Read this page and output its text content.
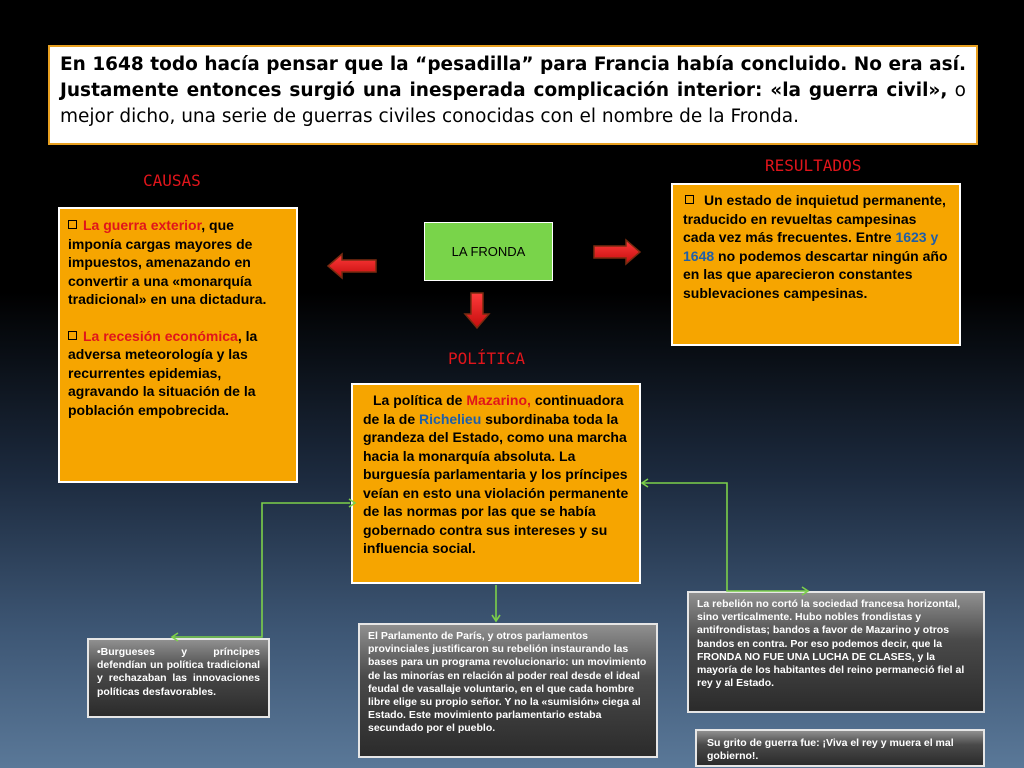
En 1648 todo hacía pensar que la “pesadilla” para Francia había concluido. No era así. Justamente entonces surgió una inesperada complicación interior: «la guerra civil», o mejor dicho, una serie de guerras civiles conocidas con el nombre de la Fronda.
CAUSAS
RESULTADOS
POLÍTICA
La guerra exterior, que imponía cargas mayores de impuestos, amenazando en convertir a una «monarquía tradicional» en una dictadura.
La recesión económica, la adversa meteorología y las recurrentes epidemias, agravando la situación de la población empobrecida.
LA FRONDA
Un estado de inquietud permanente, traducido en revueltas campesinas cada vez más frecuentes. Entre 1623 y 1648 no podemos descartar ningún año en las que aparecieron constantes sublevaciones campesinas.
La política de Mazarino, continuadora de la de Richelieu subordinaba toda la grandeza del Estado, como una marcha hacia la monarquía absoluta. La burguesía parlamentaria y los príncipes veían en esto una violación permanente de las normas por las que se había gobernado contra sus intereses y su influencia social.
•Burgueses y príncipes defendían un política tradicional y rechazaban las innovaciones políticas desfavorables.
El Parlamento de París, y otros parlamentos provinciales justificaron su rebelión instaurando las bases para un programa revolucionario: un movimiento de las minorías en relación al poder real desde el ideal feudal de vasallaje voluntario, en el que cada hombre libre elige su propio señor. Y no la «sumisión» ciega al Estado. Este movimiento parlamentario estaba secundado por el pueblo.
La rebelión no cortó la sociedad francesa horizontal, sino verticalmente. Hubo nobles frondistas y antifrondistas; bandos a favor de Mazarino y otros bandos en contra. Por eso podemos decir, que la FRONDA NO FUE UNA LUCHA DE CLASES, y la mayoría de los habitantes del reino permaneció fiel al rey y al Estado.
Su grito de guerra fue: ¡Viva el rey y muera el mal gobierno!.
